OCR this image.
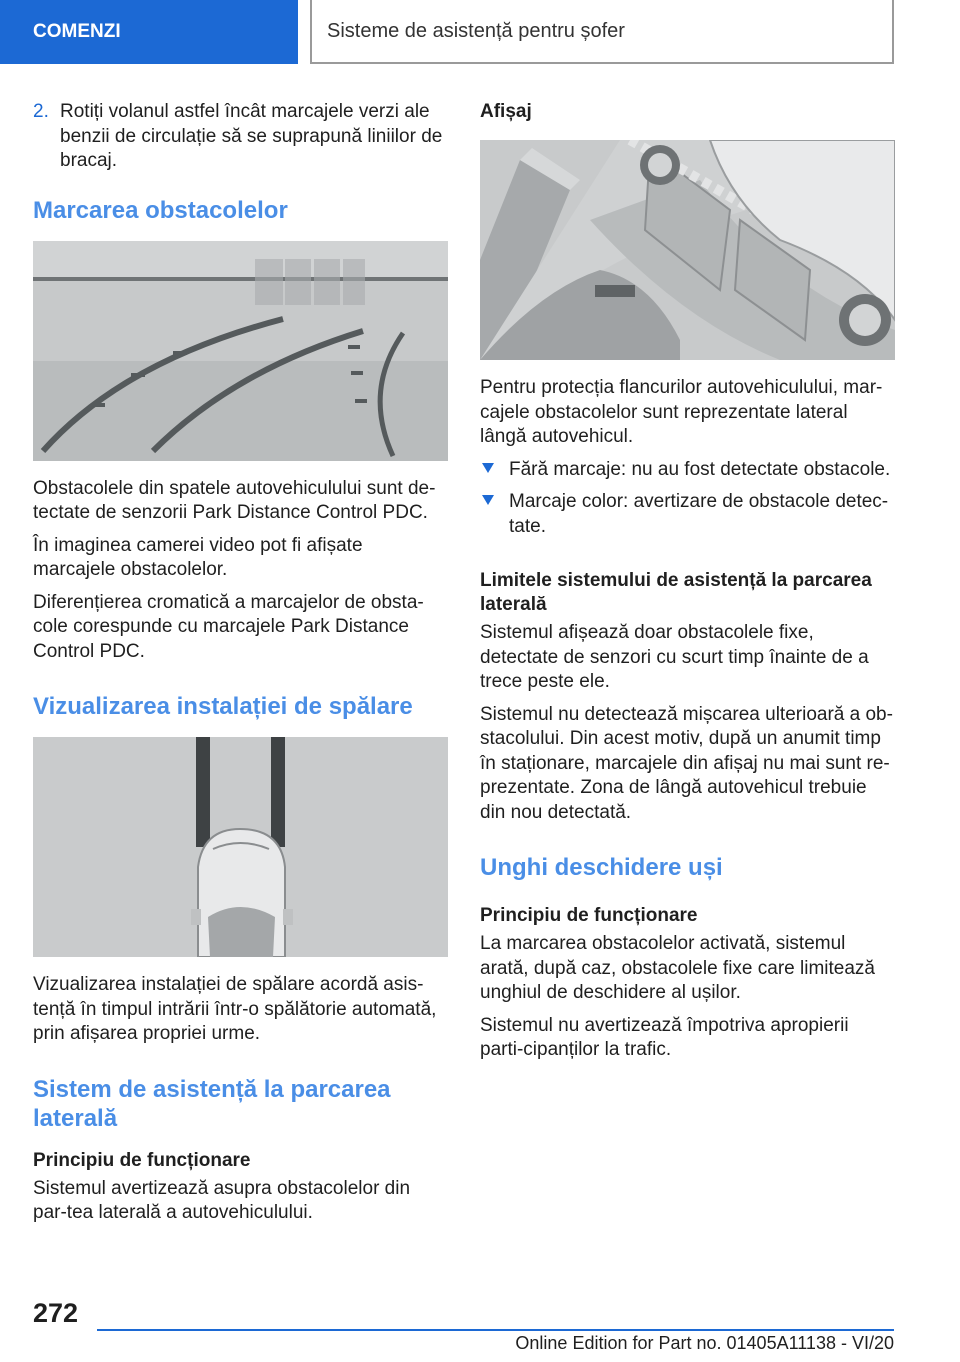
COMENZI	Sisteme de asistență pentru șofer
2. Rotiți volanul astfel încât marcajele verzi ale benzii de circulație să se suprapună liniilor de bracaj.
Marcarea obstacolelor

Obstacolele din spatele autovehiculului sunt de-tectate de senzorii Park Distance Control PDC.

În imaginea camerei video pot fi afișate marcajele obstacolelor.

Diferențierea cromatică a marcajelor de obsta-cole corespunde cu marcajele Park Distance Control PDC.

Vizualizarea instalației de spălare

Vizualizarea instalației de spălare acordă asis-tență în timpul intrării într-o spălătorie automată, prin afișarea propriei urme.

Sistem de asistență la parcarea laterală
Principiu de funcționare

Sistemul avertizează asupra obstacolelor din par-tea laterală a autovehiculului.

Afișaj

Pentru protecția flancurilor autovehiculului, mar-cajele obstacolelor sunt reprezentate lateral lângă autovehicul.

Fără marcaje: nu au fost detectate obstacole.
Marcaje color: avertizare de obstacole detec-tate.
Limitele sistemului de asistență la parcarea laterală

Sistemul afișează doar obstacolele fixe, detectate de senzori cu scurt timp înainte de a trece peste ele.

Sistemul nu detectează mișcarea ulterioară a ob-stacolului. Din acest motiv, după un anumit timp în staționare, marcajele din afișaj nu mai sunt re-prezentate. Zona de lângă autovehicul trebuie din nou detectată.

Unghi deschidere uși
Principiu de funcționare

La marcarea obstacolelor activată, sistemul arată, după caz, obstacolele fixe care limitează unghiul de deschidere al ușilor.

Sistemul nu avertizează împotriva apropierii parti-cipanților la trafic.

272
Online Edition for Part no. 01405A11138 - VI/20
